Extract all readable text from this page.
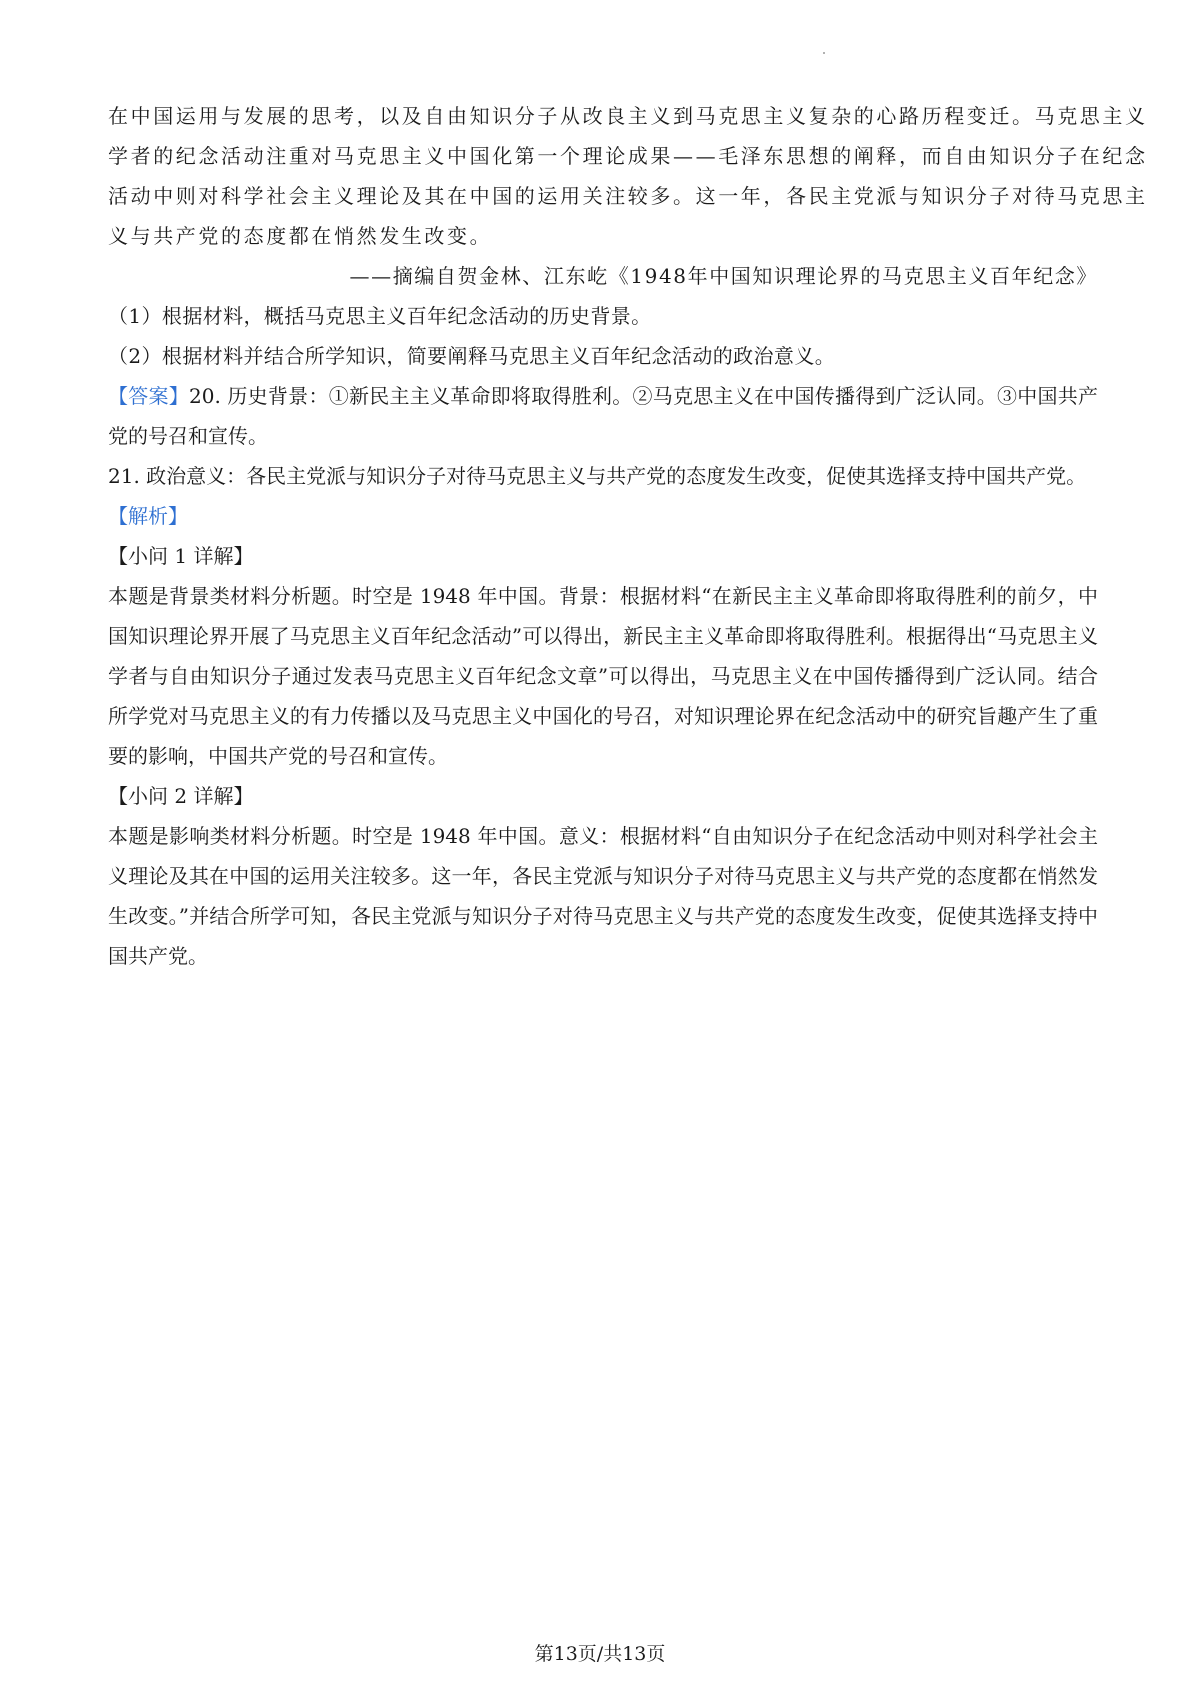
在中国运用与发展的思考，以及自由知识分子从改良主义到马克思主义复杂的心路历程变迁。马克思主义
学者的纪念活动注重对马克思主义中国化第一个理论成果——毛泽东思想的阐释，而自由知识分子在纪念
活动中则对科学社会主义理论及其在中国的运用关注较多。这一年，各民主党派与知识分子对待马克思主
义与共产党的态度都在悄然发生改变。
——摘编自贺金林、江东屹《1948年中国知识理论界的马克思主义百年纪念》
（1）根据材料，概括马克思主义百年纪念活动的历史背景。
（2）根据材料并结合所学知识，简要阐释马克思主义百年纪念活动的政治意义。

【答案】20. 历史背景：①新民主主义革命即将取得胜利。②马克思主义在中国传播得到广泛认同。③中国共产党的号召和宣传。

21. 政治意义：各民主党派与知识分子对待马克思主义与共产党的态度发生改变，促使其选择支持中国共产党。

【解析】
【小问 1 详解】

本题是背景类材料分析题。时空是 1948 年中国。背景：根据材料“在新民主主义革命即将取得胜利的前夕，中国知识理论界开展了马克思主义百年纪念活动”可以得出，新民主主义革命即将取得胜利。根据得出“马克思主义学者与自由知识分子通过发表马克思主义百年纪念文章”可以得出，马克思主义在中国传播得到广泛认同。结合所学党对马克思主义的有力传播以及马克思主义中国化的号召，对知识理论界在纪念活动中的研究旨趣产生了重要的影响，中国共产党的号召和宣传。

【小问 2 详解】

本题是影响类材料分析题。时空是 1948 年中国。意义：根据材料“自由知识分子在纪念活动中则对科学社会主义理论及其在中国的运用关注较多。这一年，各民主党派与知识分子对待马克思主义与共产党的态度都在悄然发生改变。”并结合所学可知，各民主党派与知识分子对待马克思主义与共产党的态度发生改变，促使其选择支持中国共产党。

第13页/共13页
